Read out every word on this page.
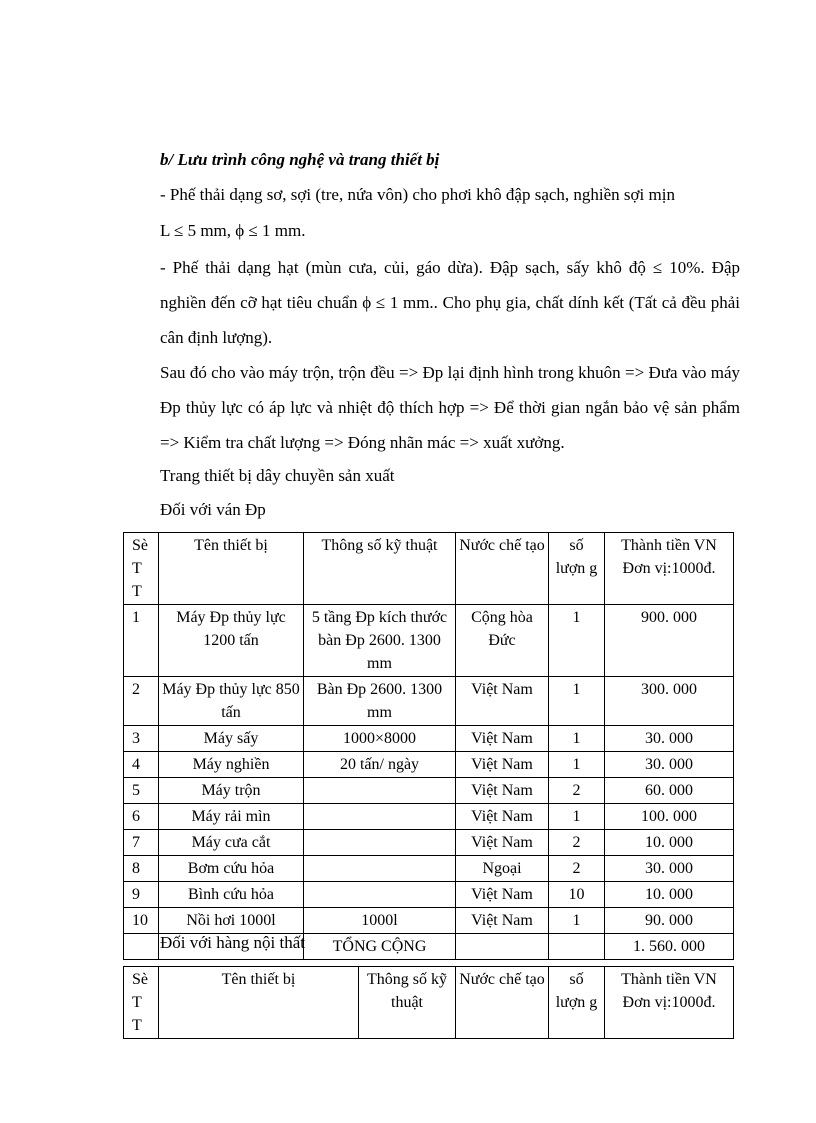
b/ Lưu trình công nghệ và trang thiết bị
- Phế thải dạng sơ, sợi (tre, nứa vôn) cho phơi khô đập sạch, nghiền sợi mịn
L ≤ 5 mm, ϕ ≤ 1 mm.
- Phế thải dạng hạt (mùn cưa, củi, gáo dừa). Đập sạch, sấy khô độ ≤ 10%. Đập nghiền đến cỡ hạt tiêu chuẩn ϕ ≤ 1 mm.. Cho phụ gia, chất dính kết (Tất cả đều phải cân định lượng).
Sau đó cho vào máy trộn, trộn đều => Đp lại định hình trong khuôn => Đưa vào máy Đp thủy lực có áp lực và nhiệt độ thích hợp => Để thời gian ngắn bảo vệ sản phẩm => Kiểm tra chất lượng => Đóng nhãn mác => xuất xưởng.
Trang thiết bị dây chuyền sản xuất
Đối với ván Đp
Sè T T	Tên thiết bị	Thông số kỹ thuật	Nước chế tạo	số lượn g	Thành tiền VN Đơn vị:1000đ.
1	Máy Đp thủy lực 1200 tấn	5 tầng Đp kích thước bàn Đp 2600. 1300 mm	Cộng hòa Đức	1	900. 000
2	Máy Đp thủy lực 850 tấn	Bàn Đp 2600. 1300 mm	Việt Nam	1	300. 000
3	Máy sấy	1000×8000	Việt Nam	1	30. 000
4	Máy nghiền	20 tấn/ ngày	Việt Nam	1	30. 000
5	Máy trộn		Việt Nam	2	60. 000
6	Máy rải mìn		Việt Nam	1	100. 000
7	Máy cưa cắt		Việt Nam	2	10. 000
8	Bơm cứu hỏa		Ngoại	2	30. 000
9	Bình cứu hỏa		Việt Nam	10	10. 000
10	Nồi hơi 1000l	1000l	Việt Nam	1	90. 000
		TỔNG CỘNG			1. 560. 000
Đối với hàng nội thất
Sè T T	Tên thiết bị	Thông số kỹ thuật	Nước chế tạo	số lượn g	Thành tiền VN Đơn vị:1000đ.
